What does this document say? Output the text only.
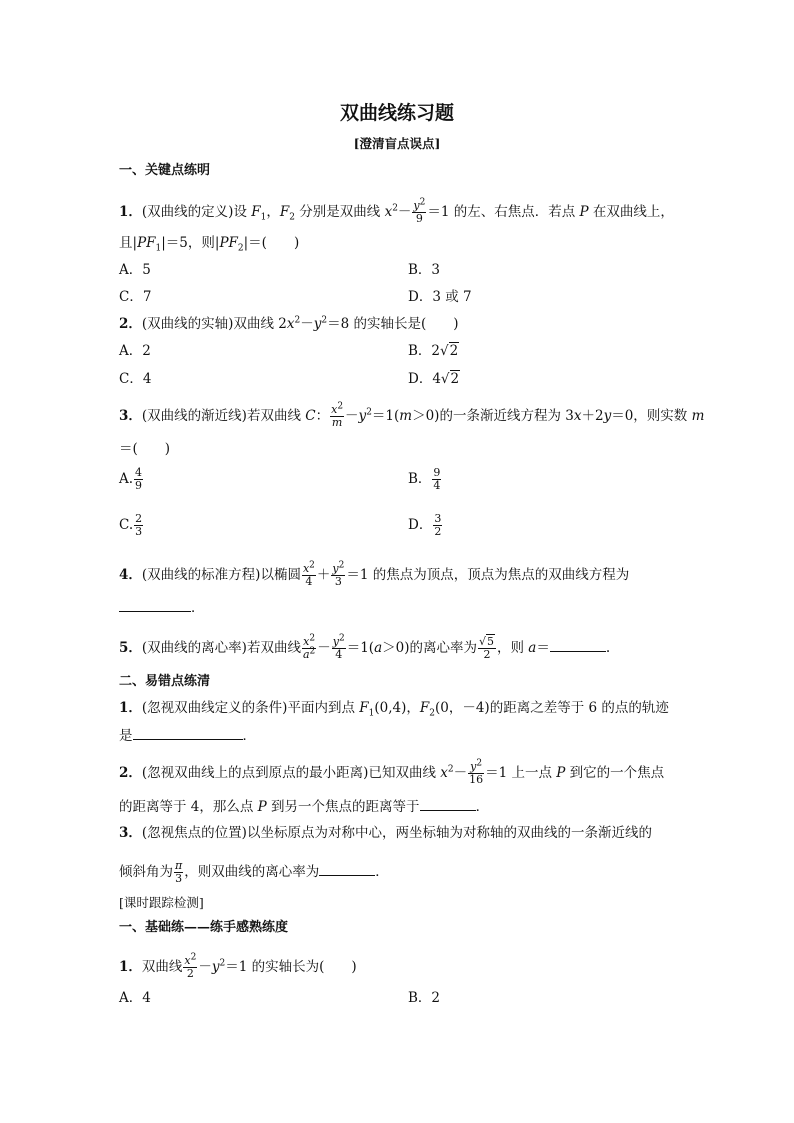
双曲线练习题
[澄清盲点误点]
一、关键点练明
1．(双曲线的定义)设 $F_1$，$F_2$ 分别是双曲线 $x^2- \frac{y^2}{9} =1$ 的左、右焦点．若点 P 在双曲线上，
且$|PF_1|=5$，则$|PF_2|=$(　　)
A．5	B．3
C．7	D．3 或 7
2．(双曲线的实轴)双曲线 $2x^2-y^2=8$ 的实轴长是(　　)
A．2	B．2√2
C．4	D．4√2
3．(双曲线的渐近线)若双曲线 C： $\frac{x^2}{m}-y^2=1(m>0)$的一条渐近线方程为 3x＋2y＝0，则实数 m
＝(　　)
A. $\frac{4}{9}$	B． $\frac{9}{4}$
C. $\frac{2}{3}$	D． $\frac{3}{2}$
4．(双曲线的标准方程)以椭圆 $\frac{x^2}{4} + \frac{y^2}{3} =1$ 的焦点为顶点，顶点为焦点的双曲线方程为
．
5．(双曲线的离心率)若双曲线 $\frac{x^2}{a^2} - \frac{y^2}{4} =1(a>0)$的离心率为 $\frac{√5}{2}$ ，则 a＝	.
二、易错点练清
1．(忽视双曲线定义的条件)平面内到点 $F_1(0,4)$，$F_2(0$，－4)的距离之差等于 6 的点的轨迹
是	．
2．(忽视双曲线上的点到原点的最小距离)已知双曲线 $x^2- \frac{y^2}{16} =1$ 上一点 P 到它的一个焦点
的距离等于 4，那么点 P 到另一个焦点的距离等于	．
3．(忽视焦点的位置)以坐标原点为对称中心，两坐标轴为对称轴的双曲线的一条渐近线的
倾斜角为 $\frac{\pi}{3}$ ，则双曲线的离心率为	．
[课时跟踪检测]
一、基础练——练手感熟练度
1．双曲线 $\frac{x^2}{2} -y^2=1$ 的实轴长为(　　)
A．4	B．2
